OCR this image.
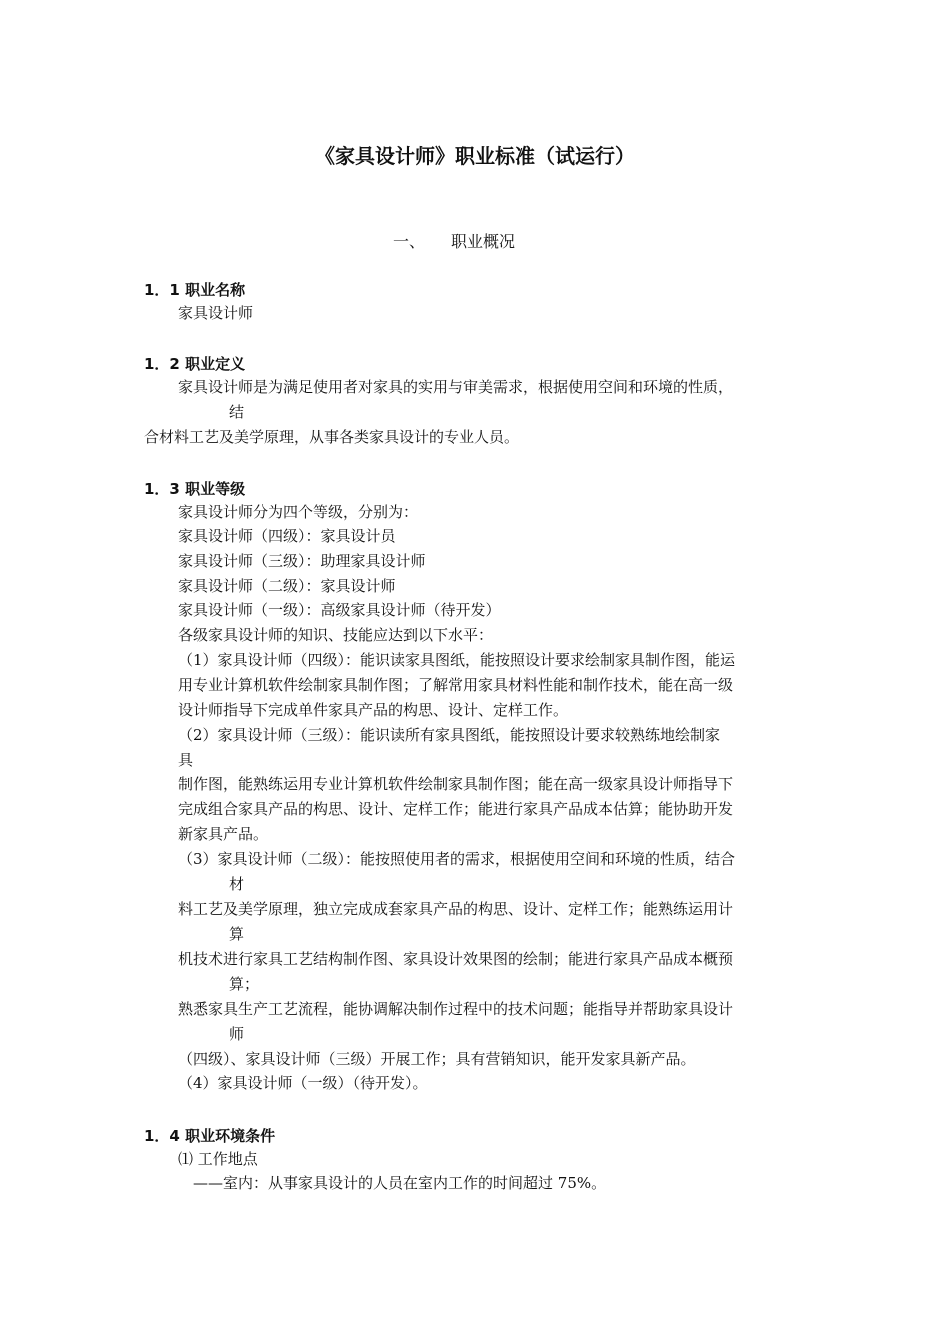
《家具设计师》职业标准（试运行）
一、 职业概况
1．1 职业名称
家具设计师
1．2 职业定义
家具设计师是为满足使用者对家具的实用与审美需求，根据使用空间和环境的性质，
结
合材料工艺及美学原理，从事各类家具设计的专业人员。
1．3 职业等级
家具设计师分为四个等级，分别为：
家具设计师（四级）：家具设计员
家具设计师（三级）：助理家具设计师
家具设计师（二级）：家具设计师
家具设计师（一级）：高级家具设计师（待开发）
各级家具设计师的知识、技能应达到以下水平：
（1）家具设计师（四级）：能识读家具图纸，能按照设计要求绘制家具制作图，能运
用专业计算机软件绘制家具制作图；了解常用家具材料性能和制作技术，能在高一级
设计师指导下完成单件家具产品的构思、设计、定样工作。
（2）家具设计师（三级）：能识读所有家具图纸，能按照设计要求较熟练地绘制家
具
制作图，能熟练运用专业计算机软件绘制家具制作图；能在高一级家具设计师指导下
完成组合家具产品的构思、设计、定样工作；能进行家具产品成本估算；能协助开发
新家具产品。
（3）家具设计师（二级）：能按照使用者的需求，根据使用空间和环境的性质，结合
材
料工艺及美学原理，独立完成成套家具产品的构思、设计、定样工作；能熟练运用计
算
机技术进行家具工艺结构制作图、家具设计效果图的绘制；能进行家具产品成本概预
算；
熟悉家具生产工艺流程，能协调解决制作过程中的技术问题；能指导并帮助家具设计
师
（四级）、家具设计师（三级）开展工作；具有营销知识，能开发家具新产品。
（4）家具设计师（一级）（待开发）。
1．4 职业环境条件
⑴ 工作地点
——室内：从事家具设计的人员在室内工作的时间超过 75%。
